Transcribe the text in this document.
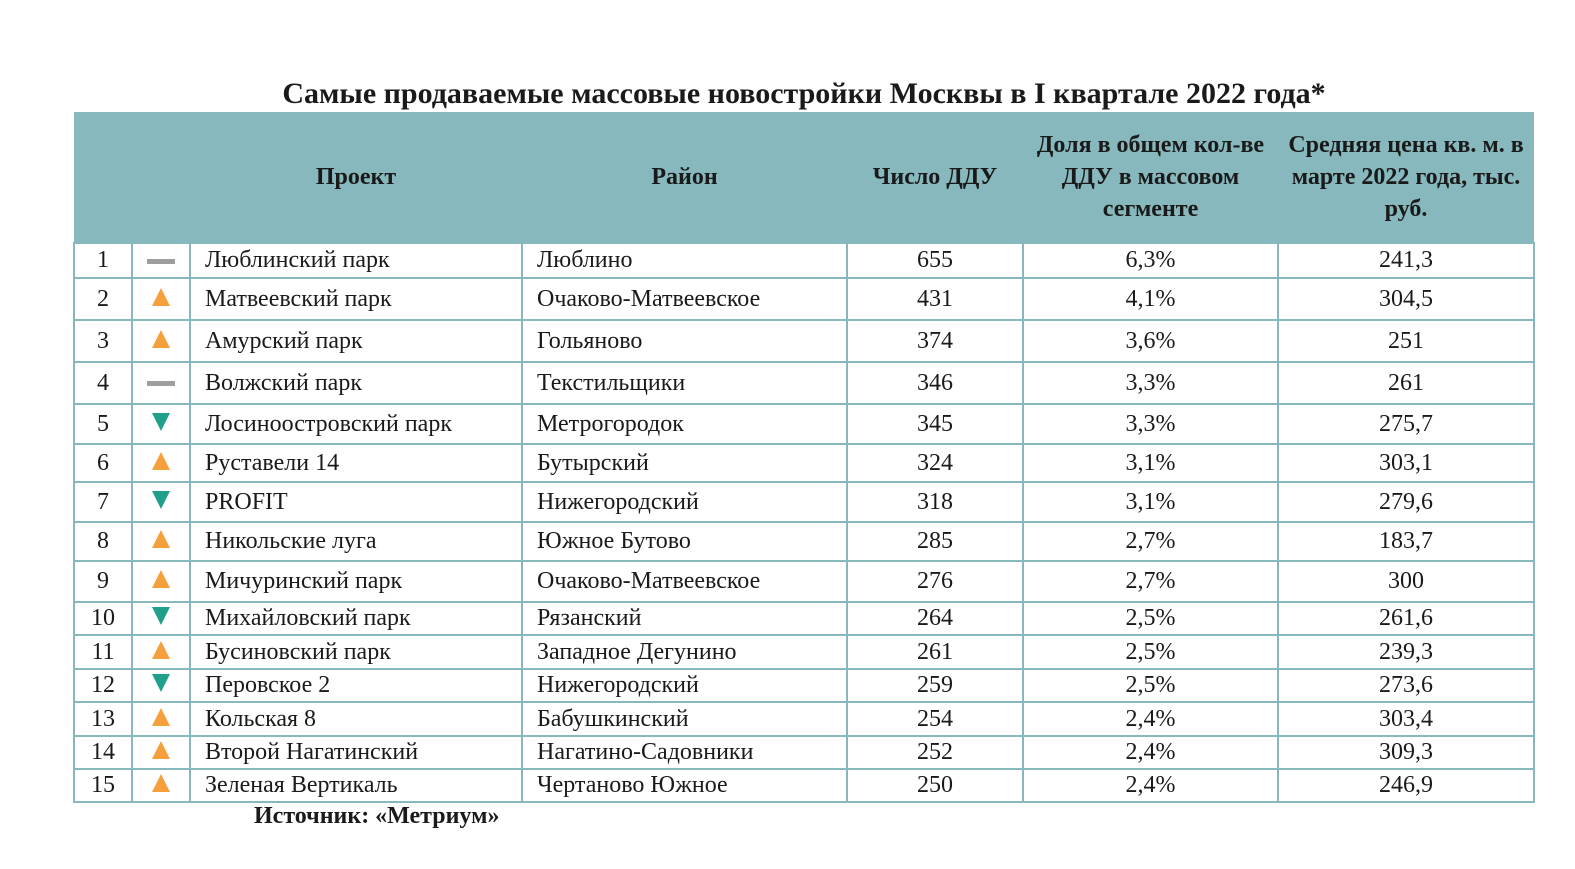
Самые продаваемые массовые новостройки Москвы в I квартале 2022 года*
		Проект	Район	Число ДДУ	Доля в общем кол-ве ДДУ в массовом сегменте	Средняя цена кв. м. в марте 2022 года, тыс. руб.
1		Люблинский парк	Люблино	655	6,3%	241,3
2		Матвеевский парк	Очаково-Матвеевское	431	4,1%	304,5
3		Амурский парк	Гольяново	374	3,6%	251
4		Волжский парк	Текстильщики	346	3,3%	261
5		Лосиноостровский парк	Метрогородок	345	3,3%	275,7
6		Руставели 14	Бутырский	324	3,1%	303,1
7		PROFIT	Нижегородский	318	3,1%	279,6
8		Никольские луга	Южное Бутово	285	2,7%	183,7
9		Мичуринский парк	Очаково-Матвеевское	276	2,7%	300
10		Михайловский парк	Рязанский	264	2,5%	261,6
11		Бусиновский парк	Западное Дегунино	261	2,5%	239,3
12		Перовское 2	Нижегородский	259	2,5%	273,6
13		Кольская 8	Бабушкинский	254	2,4%	303,4
14		Второй Нагатинский	Нагатино-Садовники	252	2,4%	309,3
15		Зеленая Вертикаль	Чертаново Южное	250	2,4%	246,9
Источник: «Метриум»
